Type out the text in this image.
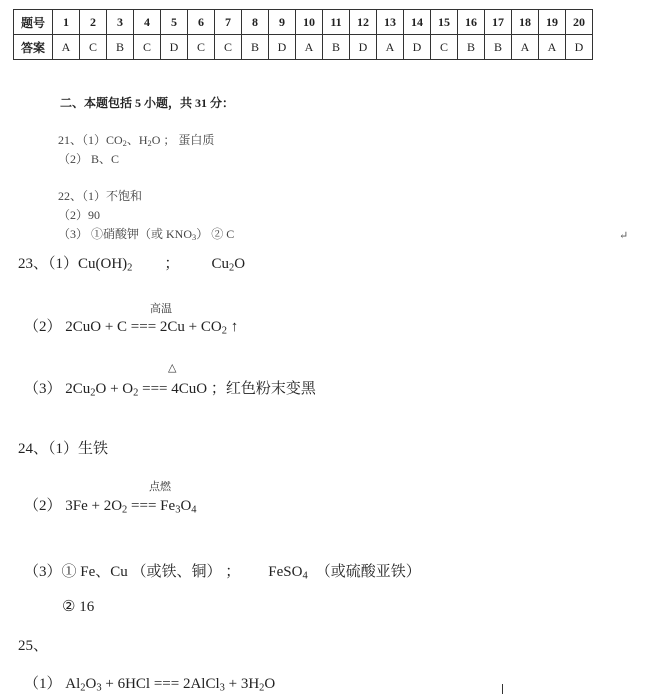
题号	1	2	3	4	5	6	7	8	9	10	11	12	13	14	15	16	17	18	19	20
答案	A	C	B	C	D	C	C	B	D	A	B	D	A	D	C	B	B	A	A	D
二、本题包括 5 小题，共 31 分：
21、$(1)CO_2$、$H_2O$ ； 蛋白质
（2） B、C
22、（1）不饱和
（2）90
（3） ①硝酸钾（或 $KNO_3$） ② C	↵
23、$(1)Cu(OH)_2$ ； $Cu_2O$
高温
（2） 2CuO + C === $2Cu + CO_2$ ↑
△
（3） $2Cu_2O + O_2$ === 4CuO ；红色粉末变黑
24、（1）生铁
点燃
（2） $3Fe + 2O_2$ === $Fe_3O_4$
（3）① Fe、Cu （或铁、铜） ； FeSO$_4$ （或硫酸亚铁）
② 16
25、
（1） $Al_2O_3 + 6HCl$ === 2AlCl$_3$ + $3H_2O$
